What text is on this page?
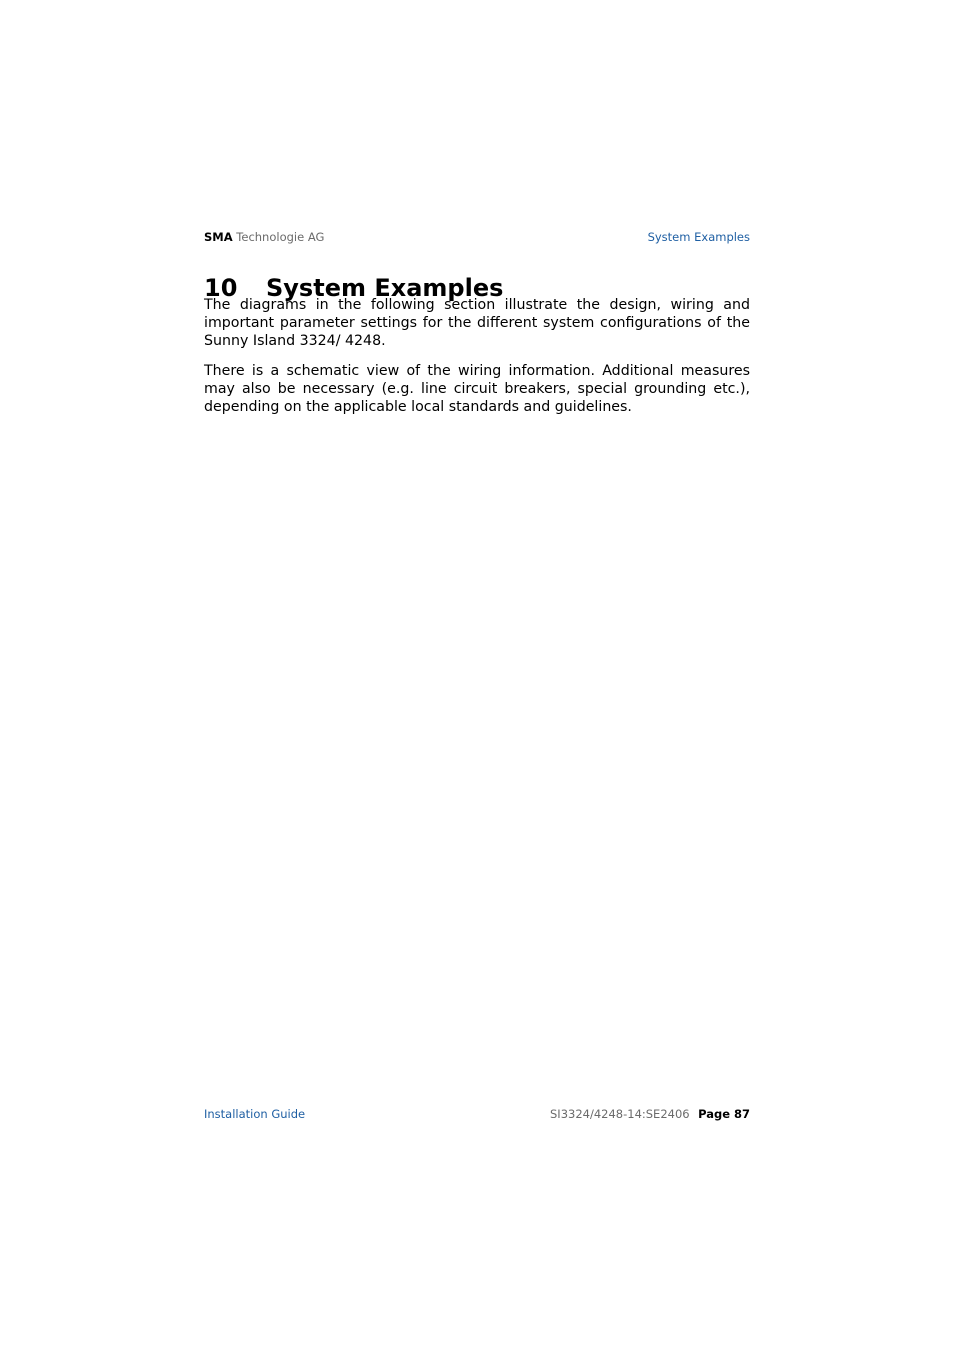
SMA Technologie AG	System Examples
10 System Examples

The diagrams in the following section illustrate the design, wiring and important parameter settings for the different system configurations of the Sunny Island 3324/ 4248.

There is a schematic view of the wiring information. Additional measures may also be necessary (e.g. line circuit breakers, special grounding etc.), depending on the applicable local standards and guidelines.

Installation Guide	SI3324/4248-14:SE2406 Page 87
